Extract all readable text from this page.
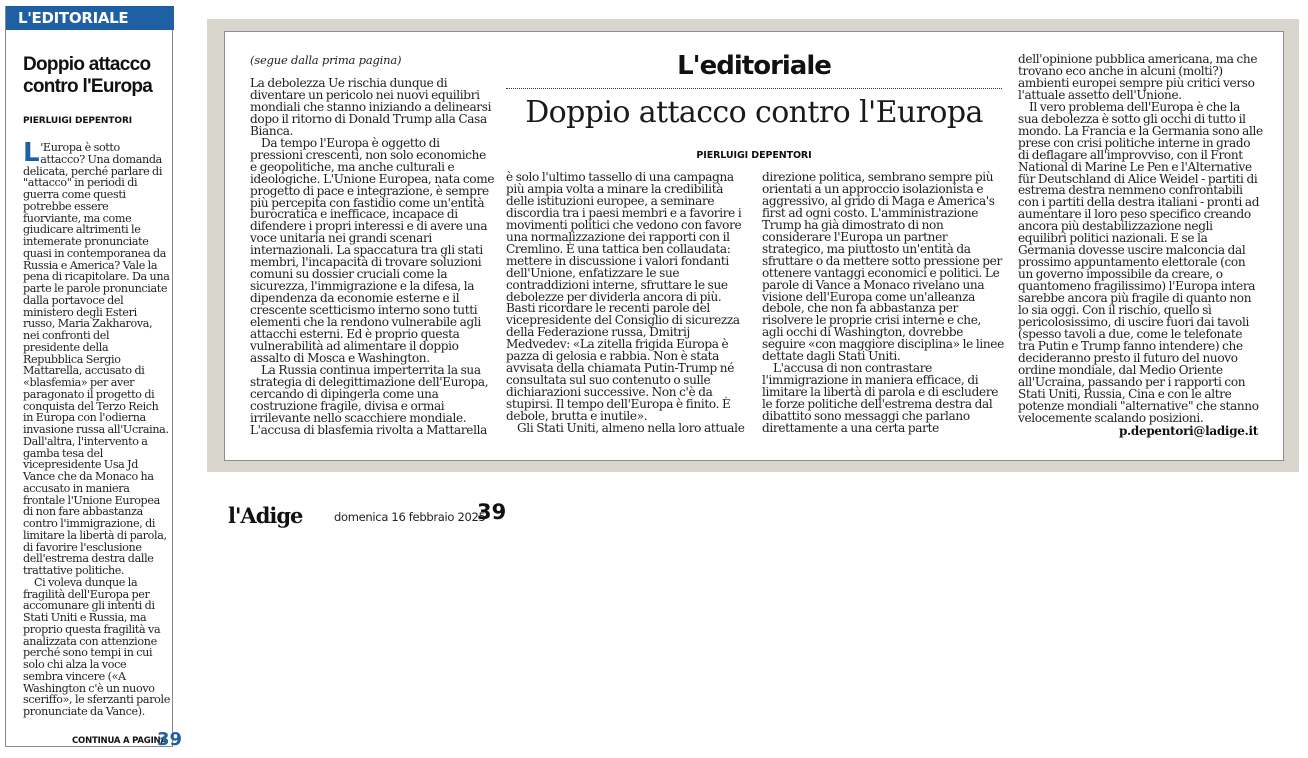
L'EDITORIALE
Doppio attacco
contro l'Europa
PIERLUIGI DEPENTORI
L 'Europa è sotto
attacco? Una domanda
delicata, perché parlare di
"attacco" in periodi di
guerra come questi
potrebbe essere
fuorviante, ma come
giudicare altrimenti le
intemerate pronunciate
quasi in contemporanea da
Russia e America? Vale la
pena di ricapitolare. Da una
parte le parole pronunciate
dalla portavoce del
ministero degli Esteri
russo, Maria Zakharova,
nei confronti del
presidente della
Repubblica Sergio
Mattarella, accusato di
«blasfemia» per aver
paragonato il progetto di
conquista del Terzo Reich
in Europa con l'odierna
invasione russa all'Ucraina.
Dall'altra, l'intervento a
gamba tesa del
vicepresidente Usa Jd
Vance che da Monaco ha
accusato in maniera
frontale l'Unione Europea
di non fare abbastanza
contro l'immigrazione, di
limitare la libertà di parola,
di favorire l'esclusione
dell'estrema destra dalle
trattative politiche.
Ci voleva dunque la
fragilità dell'Europa per
accomunare gli intenti di
Stati Uniti e Russia, ma
proprio questa fragilità va
analizzata con attenzione
perché sono tempi in cui
solo chi alza la voce
sembra vincere («A
Washington c'è un nuovo
sceriffo», le sferzanti parole
pronunciate da Vance).
CONTINUA A PAGINA
39
(segue dalla prima pagina)	L'editoriale
Doppio attacco contro l'Europa
PIERLUIGI DEPENTORI
La debolezza Ue rischia dunque di
diventare un pericolo nei nuovi equilibri
mondiali che stanno iniziando a delinearsi
dopo il ritorno di Donald Trump alla Casa
Bianca.
Da tempo l'Europa è oggetto di
pressioni crescenti, non solo economiche
e geopolitiche, ma anche culturali e
ideologiche. L'Unione Europea, nata come
progetto di pace e integrazione, è sempre
più percepita con fastidio come un'entità
burocratica e inefficace, incapace di
difendere i propri interessi e di avere una
voce unitaria nei grandi scenari
internazionali. La spaccatura tra gli stati
membri, l'incapacità di trovare soluzioni
comuni su dossier cruciali come la
sicurezza, l'immigrazione e la difesa, la
dipendenza da economie esterne e il
crescente scetticismo interno sono tutti
elementi che la rendono vulnerabile agli
attacchi esterni. Ed è proprio questa
vulnerabilità ad alimentare il doppio
assalto di Mosca e Washington.
La Russia continua imperterrita la sua
strategia di delegittimazione dell'Europa,
cercando di dipingerla come una
costruzione fragile, divisa e ormai
irrilevante nello scacchiere mondiale.
L'accusa di blasfemia rivolta a Mattarella
è solo l'ultimo tassello di una campagna
più ampia volta a minare la credibilità
delle istituzioni europee, a seminare
discordia tra i paesi membri e a favorire i
movimenti politici che vedono con favore
una normalizzazione dei rapporti con il
Cremlino. È una tattica ben collaudata:
mettere in discussione i valori fondanti
dell'Unione, enfatizzare le sue
contraddizioni interne, sfruttare le sue
debolezze per dividerla ancora di più.
Basti ricordare le recenti parole del
vicepresidente del Consiglio di sicurezza
della Federazione russa, Dmitrij
Medvedev: «La zitella frigida Europa è
pazza di gelosia e rabbia. Non è stata
avvisata della chiamata Putin-Trump né
consultata sul suo contenuto o sulle
dichiarazioni successive. Non c'è da
stupirsi. Il tempo dell'Europa è finito. È
debole, brutta e inutile».
Gli Stati Uniti, almeno nella loro attuale
direzione politica, sembrano sempre più
orientati a un approccio isolazionista e
aggressivo, al grido di Maga e America's
first ad ogni costo. L'amministrazione
Trump ha già dimostrato di non
considerare l'Europa un partner
strategico, ma piuttosto un'entità da
sfruttare o da mettere sotto pressione per
ottenere vantaggi economici e politici. Le
parole di Vance a Monaco rivelano una
visione dell'Europa come un'alleanza
debole, che non fa abbastanza per
risolvere le proprie crisi interne e che,
agli occhi di Washington, dovrebbe
seguire «con maggiore disciplina» le linee
dettate dagli Stati Uniti.
L'accusa di non contrastare
l'immigrazione in maniera efficace, di
limitare la libertà di parola e di escludere
le forze politiche dell'estrema destra dal
dibattito sono messaggi che parlano
direttamente a una certa parte
dell'opinione pubblica americana, ma che
trovano eco anche in alcuni (molti?)
ambienti europei sempre più critici verso
l'attuale assetto dell'Unione.
Il vero problema dell'Europa è che la
sua debolezza è sotto gli occhi di tutto il
mondo. La Francia e la Germania sono alle
prese con crisi politiche interne in grado
di deflagare all'improvviso, con il Front
National di Marine Le Pen e l'Alternative
für Deutschland di Alice Weidel - partiti di
estrema destra nemmeno confrontabili
con i partiti della destra italiani - pronti ad
aumentare il loro peso specifico creando
ancora più destabilizzazione negli
equilibri politici nazionali. E se la
Germania dovesse uscire malconcia dal
prossimo appuntamento elettorale (con
un governo impossibile da creare, o
quantomeno fragilissimo) l'Europa intera
sarebbe ancora più fragile di quanto non
lo sia oggi. Con il rischio, quello sì
pericolosissimo, di uscire fuori dai tavoli
(spesso tavoli a due, come le telefonate
tra Putin e Trump fanno intendere) che
decideranno presto il futuro del nuovo
ordine mondiale, dal Medio Oriente
all'Ucraina, passando per i rapporti con
Stati Uniti, Russia, Cina e con le altre
potenze mondiali "alternative" che stanno
velocemente scalando posizioni.
p.depentori@ladige.it
l'Adige	domenica 16 febbraio 2025
39
